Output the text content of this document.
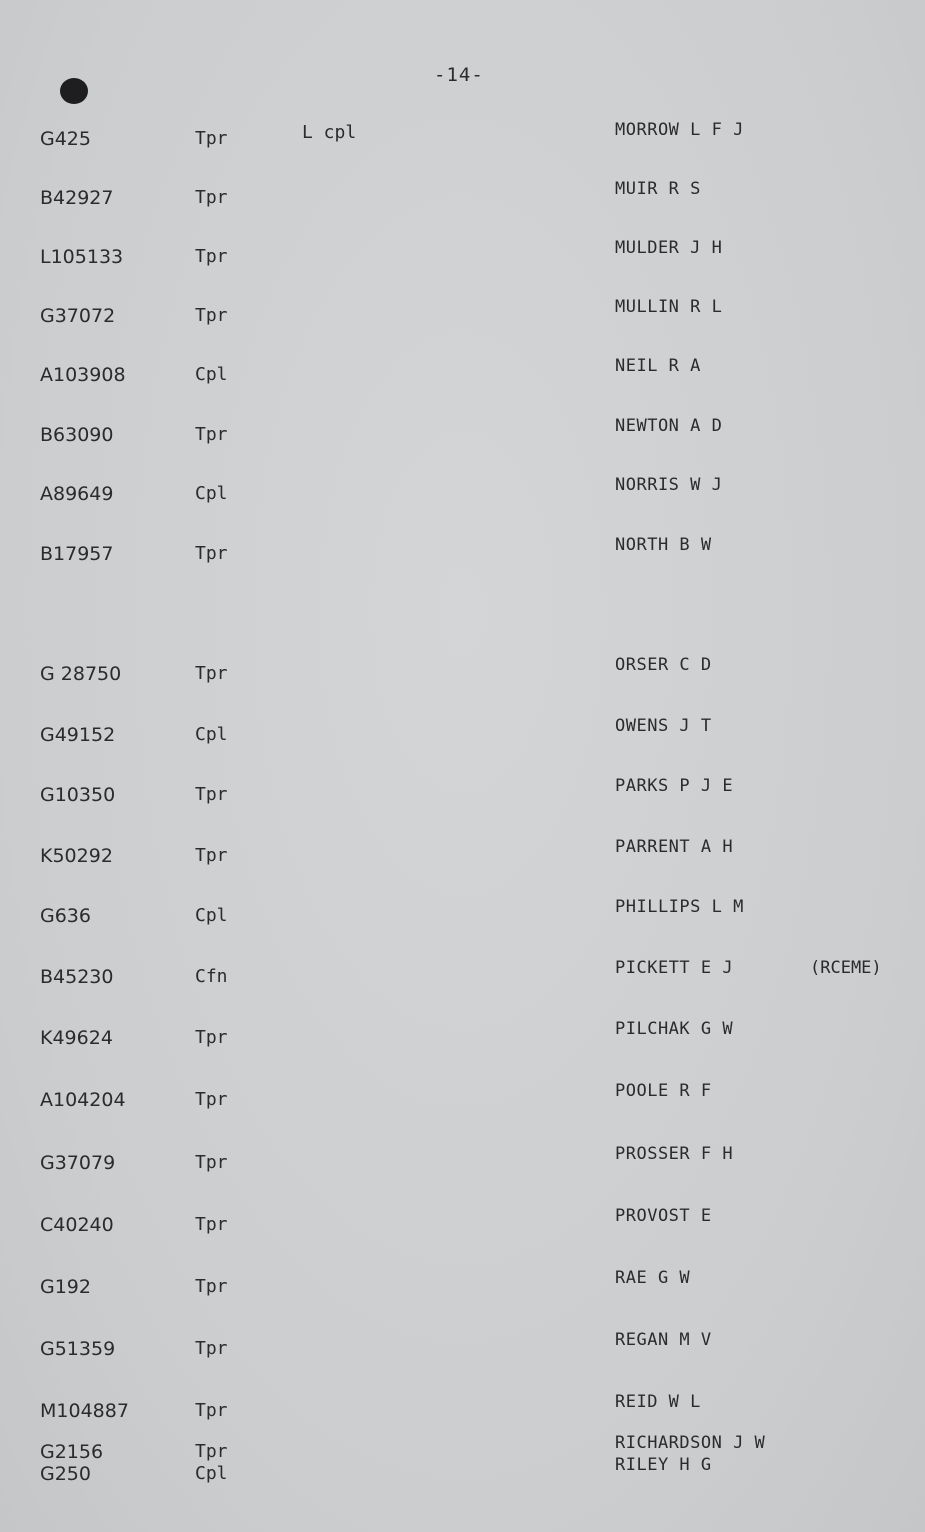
-14-
G425	Tpr	L cpl	MORROW L F J
B42927	Tpr	MUIR R S
L105133	Tpr	MULDER J H
G37072	Tpr	MULLIN R L
A103908	Cpl	NEIL R A
B63090	Tpr	NEWTON A D
A89649	Cpl	NORRIS W J
B17957	Tpr	NORTH B W
G 28750	Tpr	ORSER C D
G49152	Cpl	OWENS J T
G10350	Tpr	PARKS P J E
K50292	Tpr	PARRENT A H
G636	Cpl	PHILLIPS L M
B45230	Cfn	PICKETT E J	(RCEME)
K49624	Tpr	PILCHAK G W
A104204	Tpr	POOLE R F
G37079	Tpr	PROSSER F H
C40240	Tpr	PROVOST E
G192	Tpr	RAE G W
G51359	Tpr	REGAN M V
M104887	Tpr	REID W L
G2156	Tpr	RICHARDSON J W
G250	Cpl	RILEY H G
